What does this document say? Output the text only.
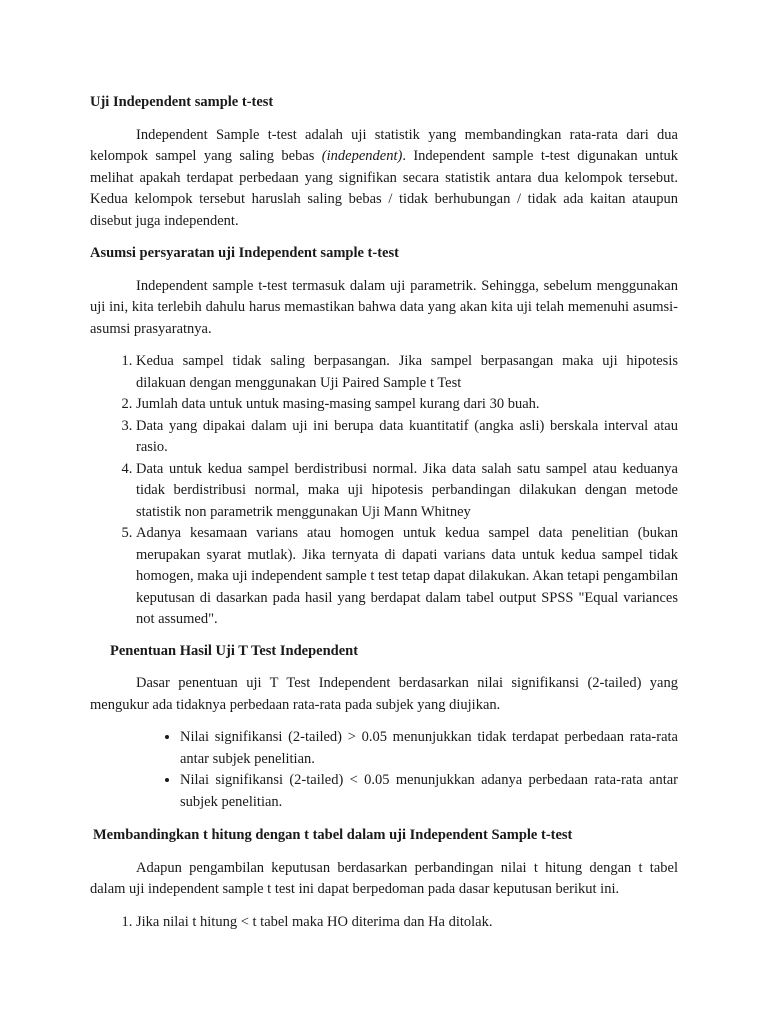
Uji Independent sample t-test

Independent Sample t-test adalah uji statistik yang membandingkan rata-rata dari dua kelompok sampel yang saling bebas (independent). Independent sample t-test digunakan untuk melihat apakah terdapat perbedaan yang signifikan secara statistik antara dua kelompok tersebut. Kedua kelompok tersebut haruslah saling bebas / tidak berhubungan / tidak ada kaitan ataupun disebut juga independent.

Asumsi persyaratan uji Independent sample t-test

Independent sample t-test termasuk dalam uji parametrik. Sehingga, sebelum menggunakan uji ini, kita terlebih dahulu harus memastikan bahwa data yang akan kita uji telah memenuhi asumsi-asumsi prasyaratnya.

1. Kedua sampel tidak saling berpasangan. Jika sampel berpasangan maka uji hipotesis dilakuan dengan menggunakan Uji Paired Sample t Test
2. Jumlah data untuk untuk masing-masing sampel kurang dari 30 buah.
3. Data yang dipakai dalam uji ini berupa data kuantitatif (angka asli) berskala interval atau rasio.
4. Data untuk kedua sampel berdistribusi normal. Jika data salah satu sampel atau keduanya tidak berdistribusi normal, maka uji hipotesis perbandingan dilakukan dengan metode statistik non parametrik menggunakan Uji Mann Whitney
5. Adanya kesamaan varians atau homogen untuk kedua sampel data penelitian (bukan merupakan syarat mutlak). Jika ternyata di dapati varians data untuk kedua sampel tidak homogen, maka uji independent sample t test tetap dapat dilakukan. Akan tetapi pengambilan keputusan di dasarkan pada hasil yang berdapat dalam tabel output SPSS "Equal variances not assumed".
Penentuan Hasil Uji T Test Independent

Dasar penentuan uji T Test Independent berdasarkan nilai signifikansi (2-tailed) yang mengukur ada tidaknya perbedaan rata-rata pada subjek yang diujikan.

• Nilai signifikansi (2-tailed) > 0.05 menunjukkan tidak terdapat perbedaan rata-rata antar subjek penelitian.
• Nilai signifikansi (2-tailed) < 0.05 menunjukkan adanya perbedaan rata-rata antar subjek penelitian.
Membandingkan t hitung dengan t tabel dalam uji Independent Sample t-test

Adapun pengambilan keputusan berdasarkan perbandingan nilai t hitung dengan t tabel dalam uji independent sample t test ini dapat berpedoman pada dasar keputusan berikut ini.

1. Jika nilai t hitung < t tabel maka HO diterima dan Ha ditolak.
